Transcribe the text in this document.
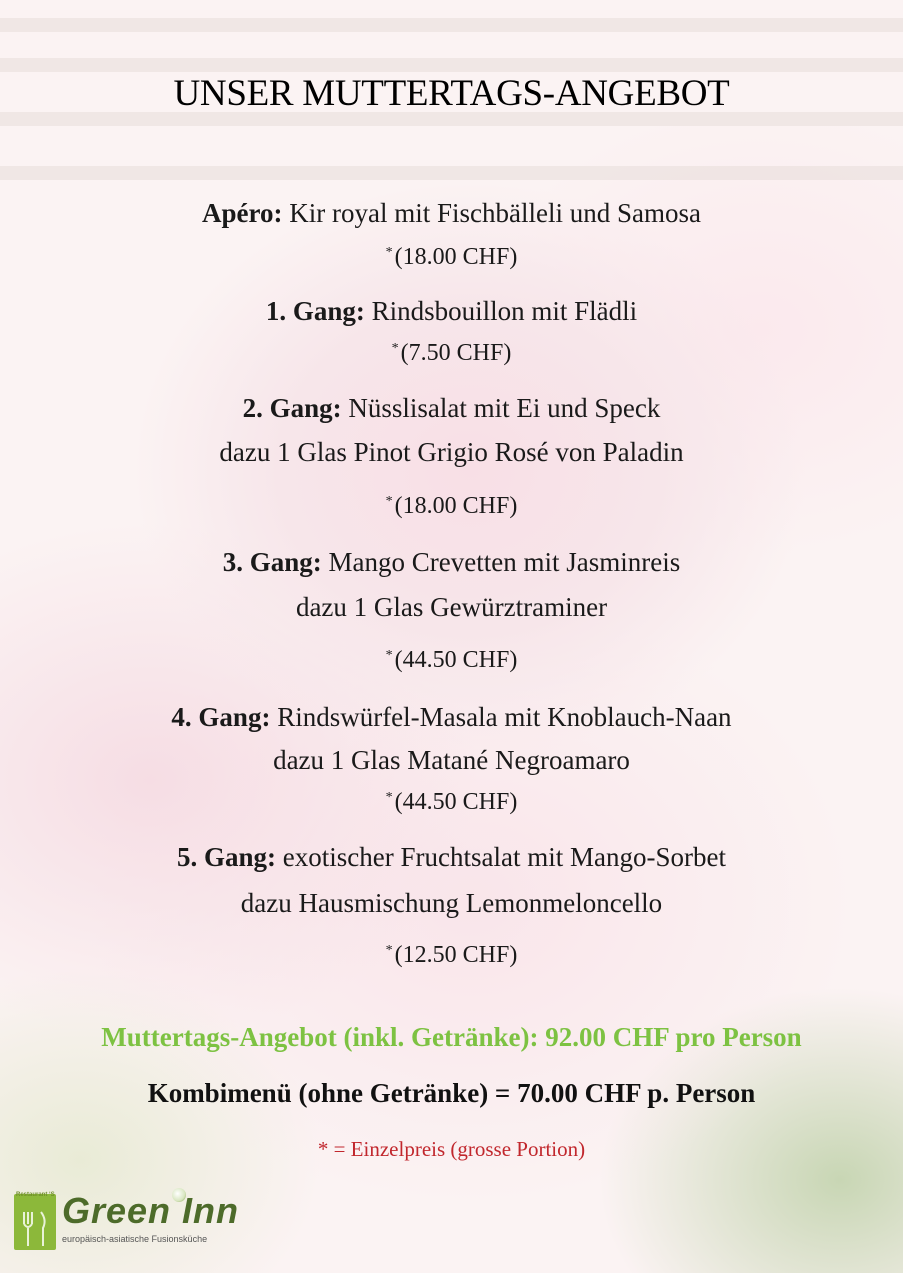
UNSER MUTTERTAGS-ANGEBOT
Apéro: Kir royal mit Fischbälleli und Samosa
*(18.00 CHF)
1. Gang: Rindsbouillon mit Flädli
*(7.50 CHF)
2. Gang: Nüsslisalat mit Ei und Speck
dazu 1 Glas Pinot Grigio Rosé von Paladin
*(18.00 CHF)
3. Gang: Mango Crevetten mit Jasminreis
dazu 1 Glas Gewürztraminer
*(44.50 CHF)
4. Gang: Rindswürfel-Masala mit Knoblauch-Naan
dazu 1 Glas Matané Negroamaro
*(44.50 CHF)
5. Gang: exotischer Fruchtsalat mit Mango-Sorbet
dazu Hausmischung Lemonmeloncello
*(12.50 CHF)
Muttertags-Angebot (inkl. Getränke): 92.00 CHF pro Person
Kombimenü (ohne Getränke) = 70.00 CHF p. Person
* = Einzelpreis (grosse Portion)
Restaurant ‘S Green Inn
europäisch-asiatische Fusionsküche
